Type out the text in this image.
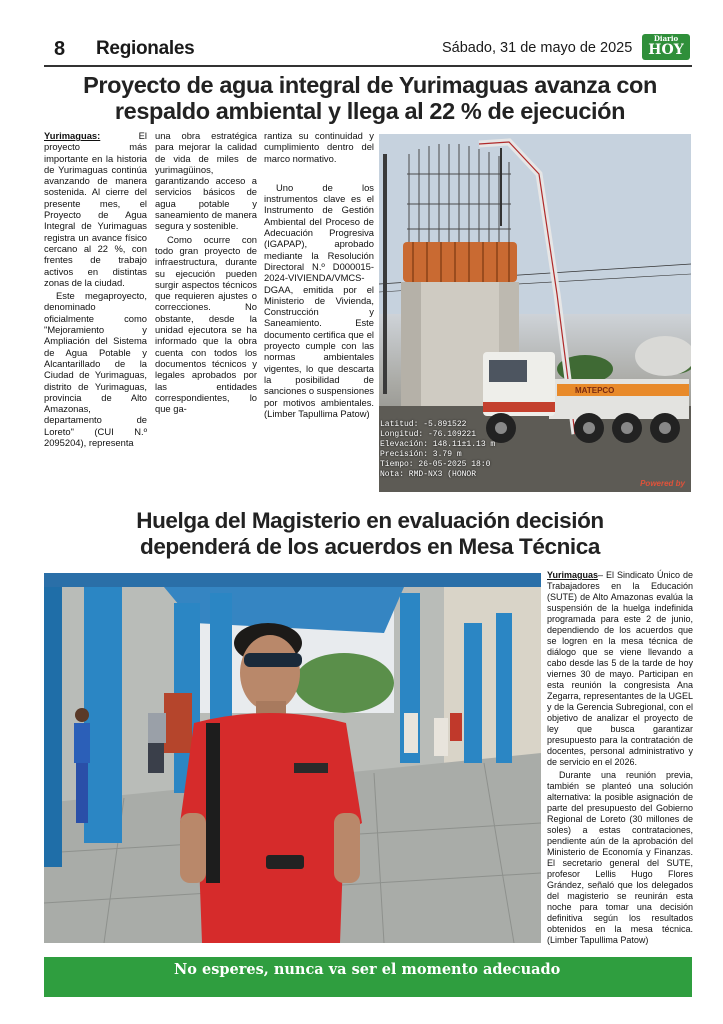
8 Regionales	Sábado, 31 de mayo de 2025
Diario
HOY
Proyecto de agua integral de Yurimaguas avanza con respaldo ambiental y llega al 22 % de ejecución

Yurimaguas:	El proyecto más importante en la historia de Yurimaguas continúa avanzando de manera sostenida. Al cierre del presente mes, el Proyecto de Agua Integral de Yurimaguas registra un avance físico cercano al 22 %, con frentes de trabajo activos en distintas zonas de la ciudad.

Este megaproyecto, denominado oficialmente como "Mejoramiento y Ampliación del Sistema de Agua Potable y Alcantarillado de la Ciudad de Yurimaguas, distrito de Yurimaguas, provincia de Alto Amazonas, departamento de Loreto" (CUI N.º 2095204), representa

una obra estratégica para mejorar la calidad de vida de miles de yurimagüinos, garantizando acceso a servicios básicos de agua potable y saneamiento de manera segura y sostenible.

Como ocurre con todo gran proyecto de infraestructura, durante su ejecución pueden surgir aspectos técnicos que requieren ajustes o correcciones. No obstante, desde la unidad ejecutora se ha informado que la obra cuenta con todos los documentos técnicos y legales aprobados por las entidades correspondientes, lo que ga-

rantiza su continuidad y cumplimiento dentro del marco normativo.

Uno de los instrumentos clave es el Instrumento de Gestión Ambiental del Proceso de Adecuación Progresiva (IGAPAP), aprobado mediante la Resolución Directoral N.º D000015-2024-VIVIENDA/VMCS-DGAA, emitida por el Ministerio de Vivienda, Construcción y Saneamiento. Este documento certifica que el proyecto cumple con las normas ambientales vigentes, lo que descarta la posibilidad de sanciones o suspensiones por motivos ambientales. (Limber Tapullima Patow)

MATEPCO
Latitud: -5.891522
Longitud: -76.109221
Elevación: 148.11±1.13 m
Precisión: 3.79 m
Tiempo: 26-05-2025 18:0
Nota: RMD-NX3 (HONOR
Powered by
Huelga del Magisterio en evaluación decisión dependerá de los acuerdos en Mesa Técnica

Yurimaguas– El Sindicato Único de Trabajadores en la Educación (SUTE) de Alto Amazonas evalúa la suspensión de la huelga indefinida programada para este 2 de junio, dependiendo de los acuerdos que se logren en la mesa técnica de diálogo que se viene llevando a cabo desde las 5 de la tarde de hoy viernes 30 de mayo. Participan en esta reunión la congresista Ana Zegarra, representantes de la UGEL y de la Gerencia Subregional, con el objetivo de analizar el proyecto de ley que busca garantizar presupuesto para la contratación de docentes, personal administrativo y de servicio en el 2026.

Durante una reunión previa, también se planteó una solución alternativa: la posible asignación de parte del presupuesto del Gobierno Regional de Loreto (30 millones de soles) a estas contrataciones, pendiente aún de la aprobación del Ministerio de Economía y Finanzas. El secretario general del SUTE, profesor Lellis Hugo Flores Grández, señaló que los delegados del magisterio se reunirán esta noche para tomar una decisión definitiva según los resultados obtenidos en la mesa técnica. (Limber Tapullima Patow)

No esperes, nunca va ser el momento adecuado
